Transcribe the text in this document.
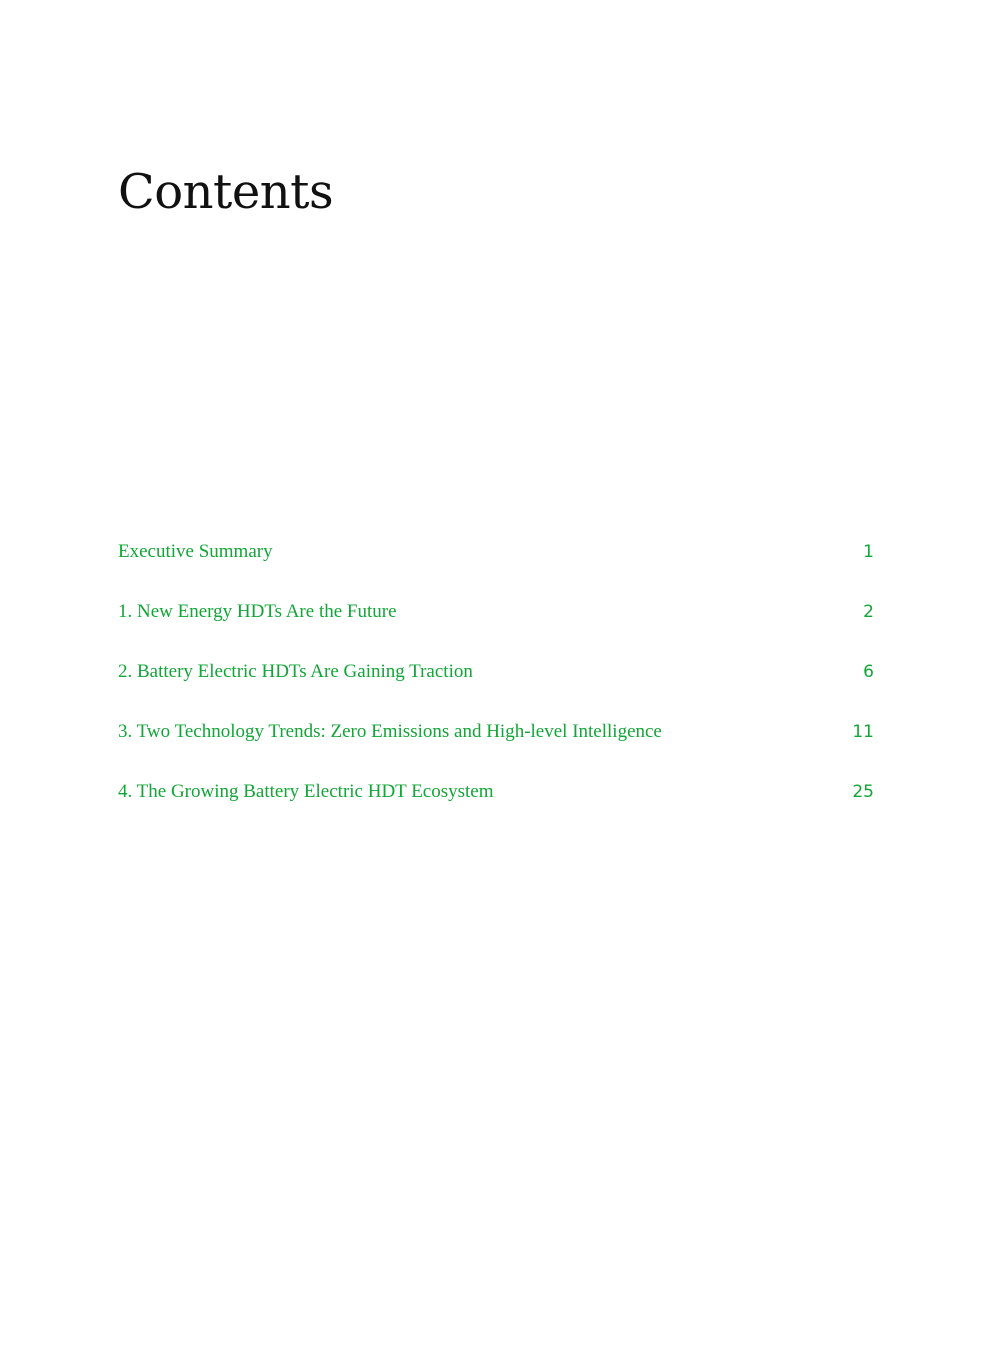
Contents
Executive Summary	1
1. New Energy HDTs Are the Future	2
2. Battery Electric HDTs Are Gaining Traction	6
3. Two Technology Trends: Zero Emissions and High-level Intelligence	11
4. The Growing Battery Electric HDT Ecosystem	25
